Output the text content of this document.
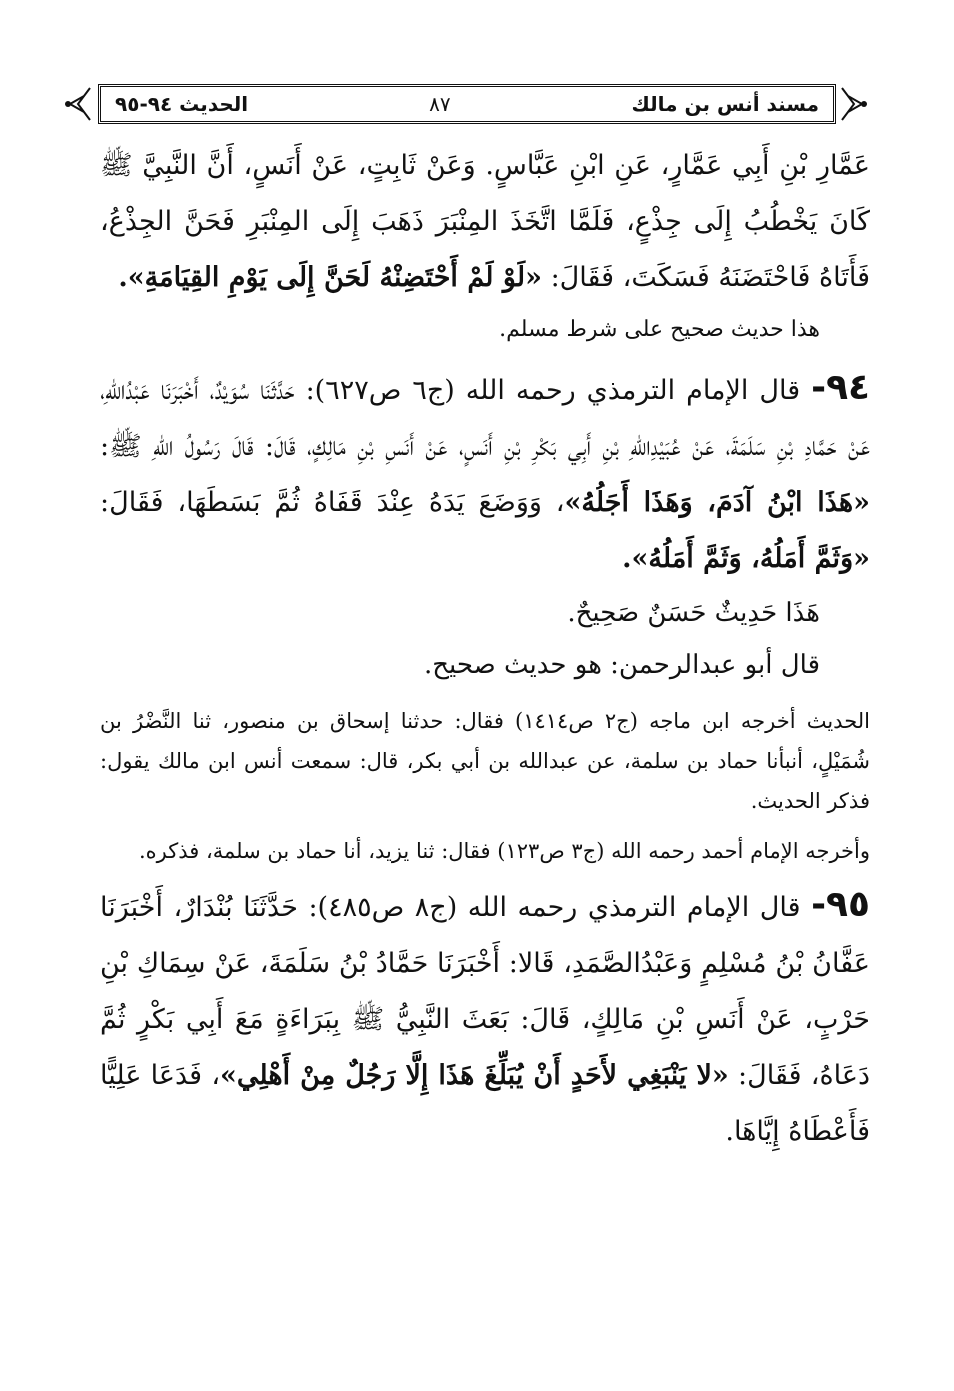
مسند أنس بن مالك
٨٧
الحديث ٩٤-٩٥

عَمَّارِ بْنِ أَبِي عَمَّارٍ، عَنِ ابْنِ عَبَّاسٍ. وَعَنْ ثَابِتٍ، عَنْ أَنَسٍ، أَنَّ النَّبِيَّ ﷺ كَانَ يَخْطُبُ إِلَى جِذْعٍ، فَلَمَّا اتَّخَذَ المِنْبَرَ ذَهَبَ إِلَى المِنْبَرِ فَحَنَّ الجِذْعُ، فَأَتَاهُ فَاحْتَضَنَهُ فَسَكَتَ، فَقَالَ: «لَوْ لَمْ أَحْتَضِنْهُ لَحَنَّ إِلَى يَوْمِ القِيَامَةِ».

هذا حديث صحيح على شرط مسلم.

٩٤- قال الإمام الترمذي رحمه الله (ج٦ ص٦٢٧): حَدَّثَنَا سُوَيْدٌ، أَخْبَرَنَا عَبْدُاللهِ، عَنْ حَمَّادِ بْنِ سَلَمَةَ، عَنْ عُبَيْدِاللهِ بْنِ أَبِي بَكْرِ بْنِ أَنَسٍ، عَنْ أَنَسِ بْنِ مَالِكٍ، قَالَ: قَالَ رَسُولُ اللهِ ﷺ: «هَذَا ابْنُ آدَمَ، وَهَذَا أَجَلُهُ»، وَوَضَعَ يَدَهُ عِنْدَ قَفَاهُ ثُمَّ بَسَطَهَا، فَقَالَ: «وَثَمَّ أَمَلُهُ، وَثَمَّ أَمَلُهُ».

هَذَا حَدِيثٌ حَسَنٌ صَحِيحٌ.

قال أبو عبدالرحمن: هو حديث صحيح.

الحديث أخرجه ابن ماجه (ج٢ ص١٤١٤) فقال: حدثنا إسحاق بن منصور، ثنا النَّضْرُ بن شُمَيْلٍ، أنبأنا حماد بن سلمة، عن عبدالله بن أبي بكر، قال: سمعت أنس ابن مالك يقول: فذكر الحديث.

وأخرجه الإمام أحمد رحمه الله (ج٣ ص١٢٣) فقال: ثنا يزيد، أنا حماد بن سلمة، فذكره.

٩٥- قال الإمام الترمذي رحمه الله (ج٨ ص٤٨٥): حَدَّثَنَا بُنْدَارٌ، أَخْبَرَنَا عَفَّانُ بْنُ مُسْلِمٍ وَعَبْدُالصَّمَدِ، قَالا: أَخْبَرَنَا حَمَّادُ بْنُ سَلَمَةَ، عَنْ سِمَاكِ بْنِ حَرْبٍ، عَنْ أَنَسِ بْنِ مَالِكٍ، قَالَ: بَعَثَ النَّبِيُّ ﷺ بِبَرَاءَةٍ مَعَ أَبِي بَكْرٍ ثُمَّ دَعَاهُ، فَقَالَ: «لا يَنْبَغِي لأَحَدٍ أَنْ يُبَلِّغَ هَذَا إِلَّا رَجُلٌ مِنْ أَهْلِي»، فَدَعَا عَلِيًّا فَأَعْطَاهُ إِيَّاهَا.
